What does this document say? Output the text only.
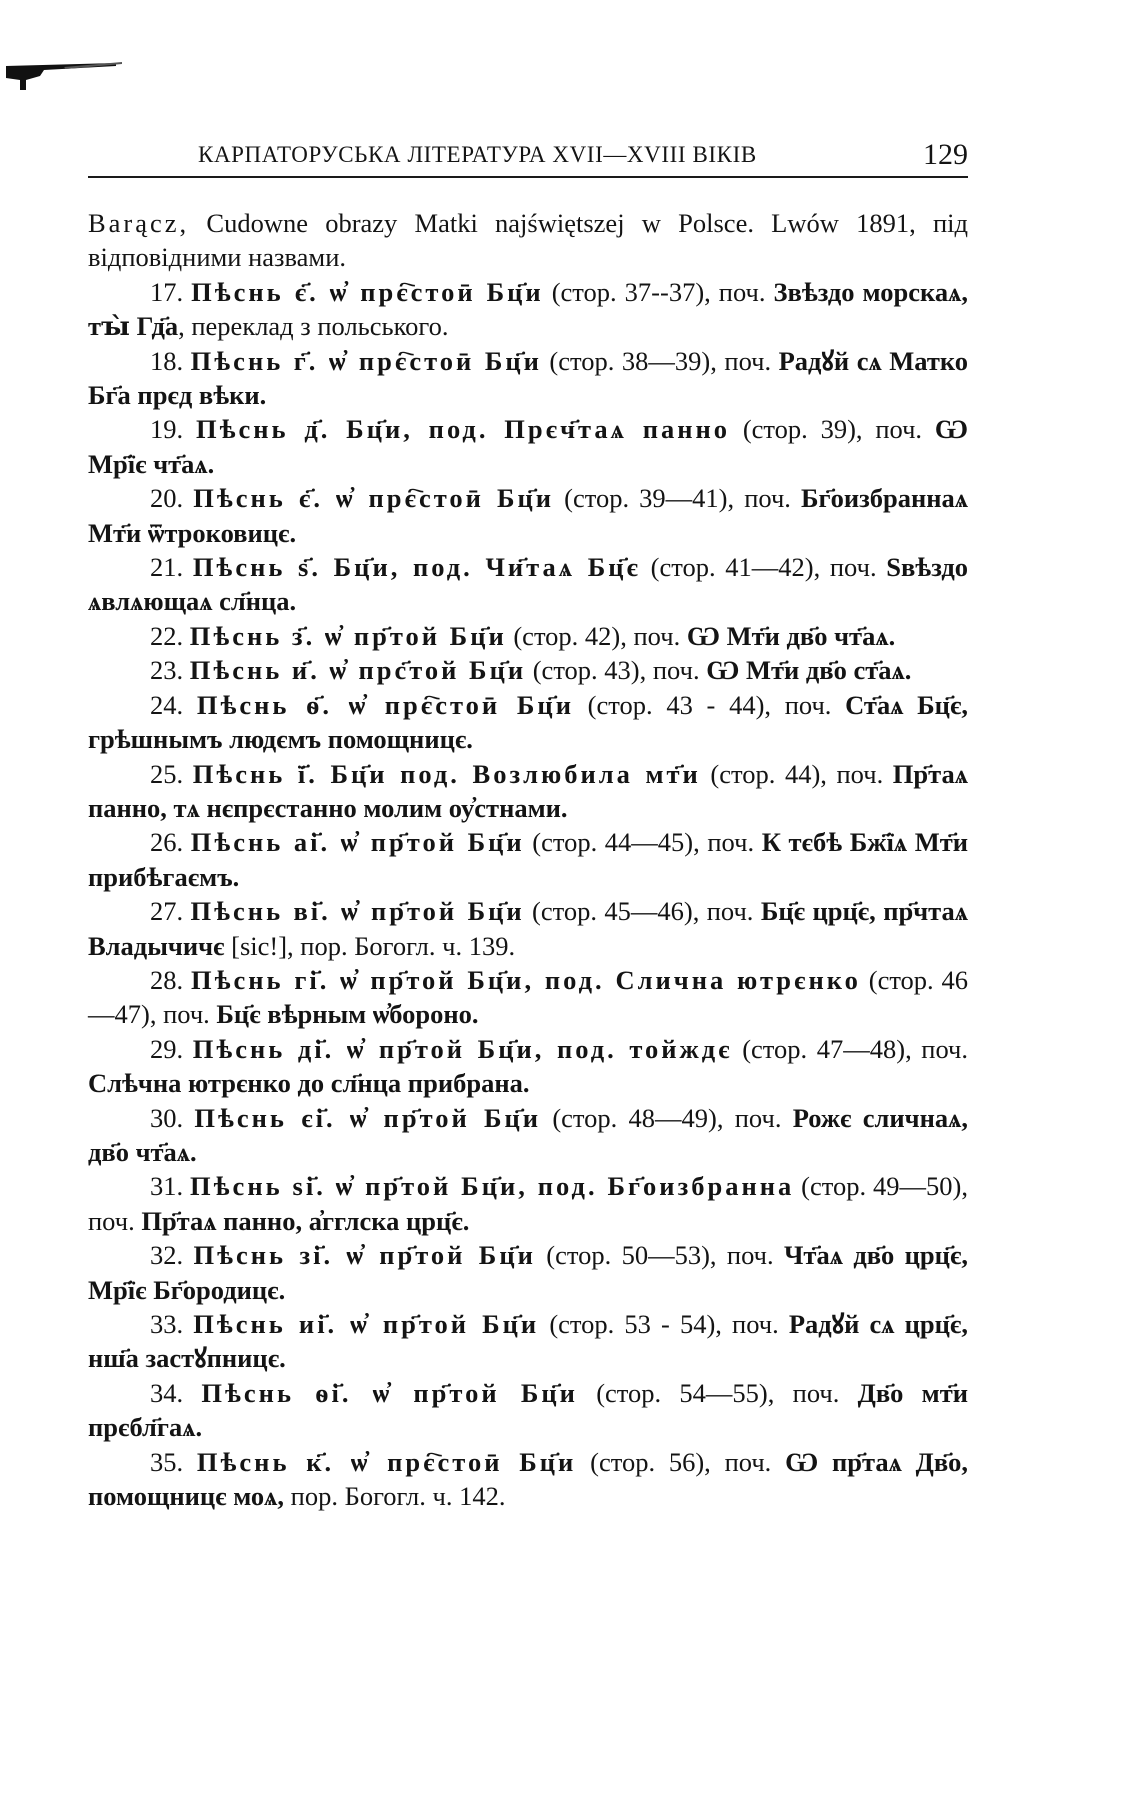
КАРПАТОРУСЬКА ЛІТЕРАТУРА XVII—XVIII ВІКІВ	129

Barącz, Cudowne obrazy Matki najświętszej w Polsce. Lwów 1891, під відповідними назвами.

17. Пѣснь є҃. ѡ҆ прє҇стоӣ Бц҃и (стор. 37--37), поч. Звѣздо морскаѧ, тꙑ̀ Гд҃а, переклад з польського.

18. Пѣснь г҃. ѡ҆ прє҇стоӣ Бц҃и (стор. 38—39), поч. Радꙋй сѧ Матко Бг҃а прєд вѣки.

19. Пѣснь д҃. Бц҃и, под. Прєч҃таѧ панно (стор. 39), поч. Ѡ Мр҃їє чт҃аѧ.

20. Пѣснь є҃. ѡ҆ прє҇стоӣ Бц҃и (стор. 39—41), поч. Бг҃оизбраннаѧ Мт҃и ѿтроковицє.

21. Пѣснь ѕ҃. Бц҃и, под. Чи҃таѧ Бц҃є (стор. 41—42), поч. Ѕвѣздо ѧвлѧющаѧ сл҃нца.

22. Пѣснь з҃. ѡ҆ пр҃той Бц҃и (стор. 42), поч. Ѡ Мт҃и дв҃о чт҃аѧ.

23. Пѣснь и҃. ѡ҆ прс҃той Бц҃и (стор. 43), поч. Ѡ Мт҃и дв҃о ст҃аѧ.

24. Пѣснь ѳ҃. ѡ҆ прє҇стоӣ Бц҃и (стор. 43 - 44), поч. Ст҃аѧ Бц҃є, грѣшнымъ людємъ помощницє.

25. Пѣснь ї҃. Бц҃и под. Возлюбила мт҃и (стор. 44), поч. Пр҃таѧ панно, тѧ нєпрєстанно молим оу҆стнами.

26. Пѣснь аі҃. ѡ҆ пр҃той Бц҃и (стор. 44—45), поч. К тєбѣ Бж҃їѧ Мт҃и прибѣгаємъ.

27. Пѣснь ві҃. ѡ҆ пр҃той Бц҃и (стор. 45—46), поч. Бц҃є црц҃є, пр҃чтаѧ Владычичє [sic!], пор. Богогл. ч. 139.

28. Пѣснь гі҃. ѡ҆ пр҃той Бц҃и, под. Сличнa ютрєнко (стор. 46—47), поч. Бц҃є вѣрным ѡ҆бороно.

29. Пѣснь ді҃. ѡ҆ пр҃той Бц҃и, под. тойждє (стор. 47—48), поч. Слѣчна ютрєнко до сл҃нца прибрана.

30. Пѣснь єі҃. ѡ҆ пр҃той Бц҃и (стор. 48—49), поч. Рожє сличнаѧ, дв҃о чт҃аѧ.

31. Пѣснь ѕі҃. ѡ҆ пр҃той Бц҃и, под. Бг҃оизбранна (стор. 49—50), поч. Пр҃таѧ панно, а҆гглска црц҃є.

32. Пѣснь зі҃. ѡ҆ пр҃той Бц҃и (стор. 50—53), поч. Чт҃аѧ дв҃о црц҃є, Мр҃їє Бг҃ородицє.

33. Пѣснь иі҃. ѡ҆ пр҃той Бц҃и (стор. 53 - 54), поч. Радꙋй сѧ црц҃є, нш҃а застꙋпницє.

34. Пѣснь ѳі҃. ѡ҆ пр҃той Бц҃и (стор. 54—55), поч. Дв҃о мт҃и прєбл҃гаѧ.

35. Пѣснь к҃. ѡ҆ прє҇стоӣ Бц҃и (стор. 56), поч. Ѡ пр҃таѧ Дв҃о, помощницє моѧ, пор. Богогл. ч. 142.
